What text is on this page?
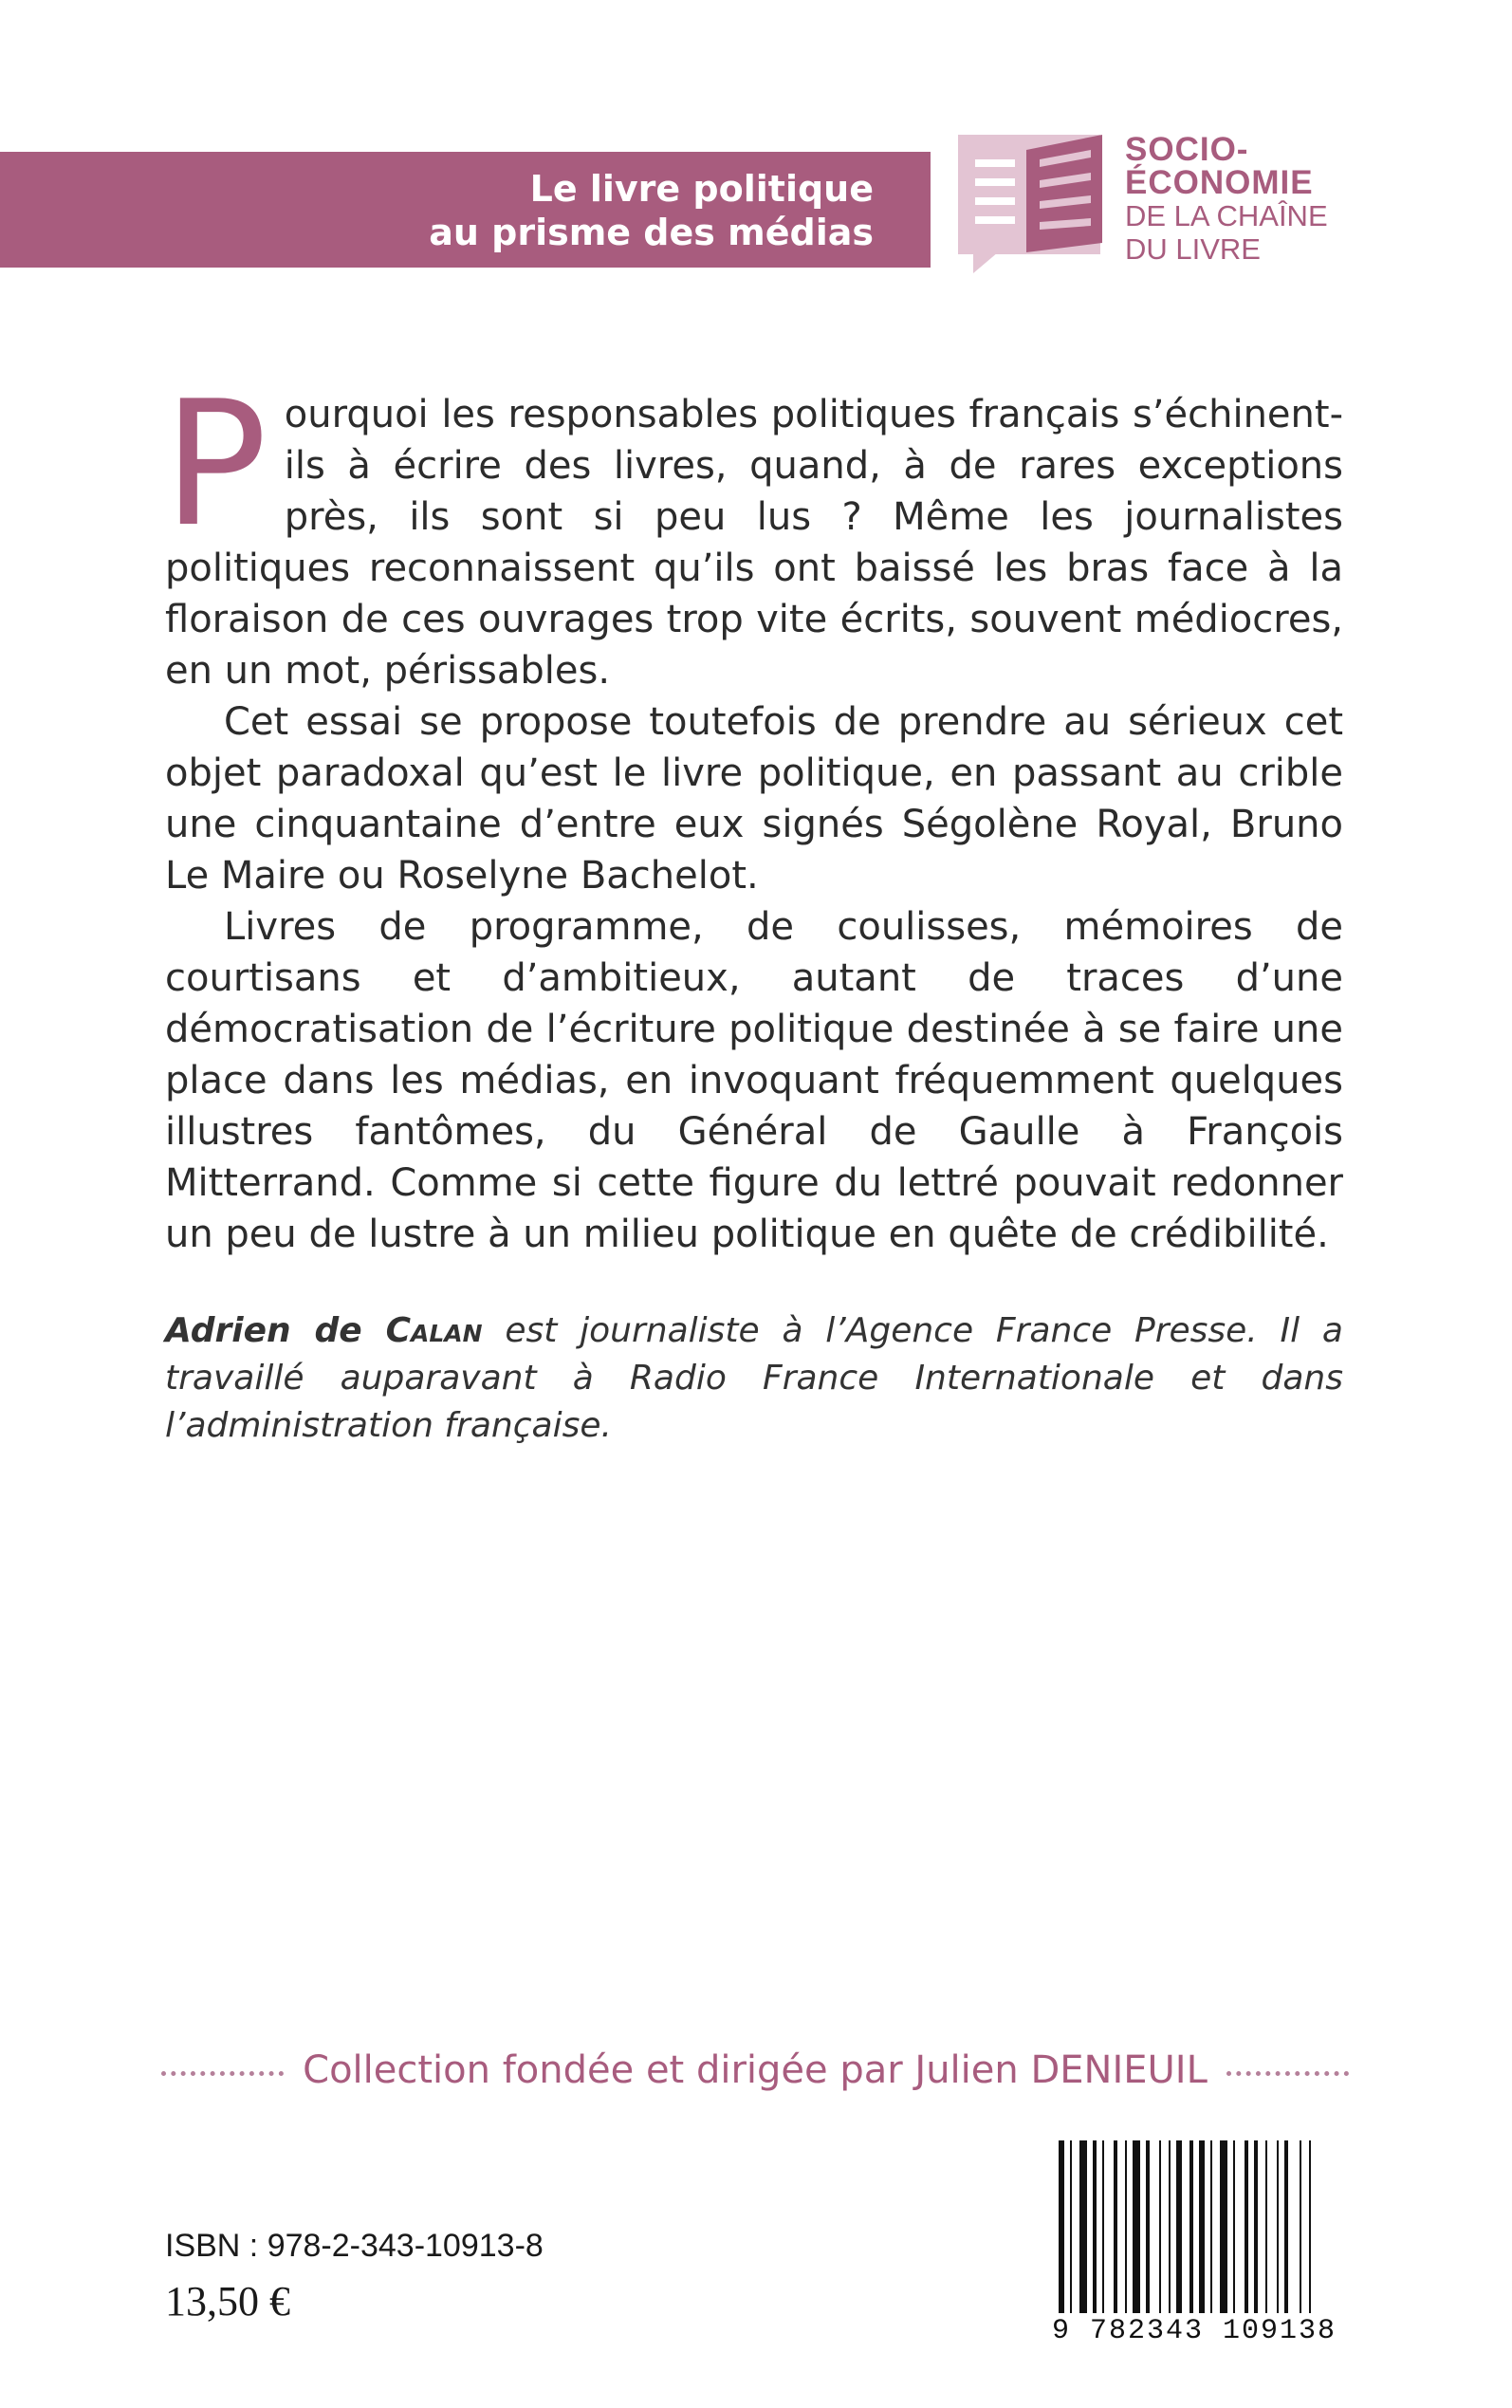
Le livre politique
au prisme des médias
SOCIO-
ÉCONOMIE
DE LA CHAÎNE
DU LIVRE

Pourquoi les responsables politiques français s’échinent-ils à écrire des livres, quand, à de rares exceptions près, ils sont si peu lus ? Même les journalistes politiques reconnaissent qu’ils ont baissé les bras face à la floraison de ces ouvrages trop vite écrits, souvent médiocres, en un mot, périssables.

Cet essai se propose toutefois de prendre au sérieux cet objet paradoxal qu’est le livre politique, en passant au crible une cinquantaine d’entre eux signés Ségolène Royal, Bruno Le Maire ou Roselyne Bachelot.

Livres de programme, de coulisses, mémoires de courtisans et d’ambitieux, autant de traces d’une démocratisation de l’écriture politique destinée à se faire une place dans les médias, en invoquant fréquemment quelques illustres fantômes, du Général de Gaulle à François Mitterrand. Comme si cette figure du lettré pouvait redonner un peu de lustre à un milieu politique en quête de crédibilité.

Adrien de Calan est journaliste à l’Agence France Presse. Il a travaillé auparavant à Radio France Internationale et dans l’administration française.
Collection fondée et dirigée par Julien DENIEUIL
ISBN : 978-2-343-10913-8
13,50 €
9 782343 109138
